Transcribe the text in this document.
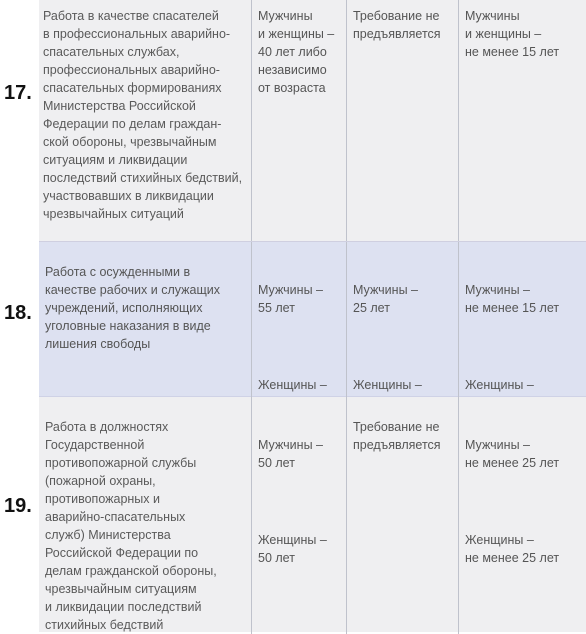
17.
Работа в качестве спасателей
в профессиональных аварийно-
спасательных службах,
профессиональных аварийно-
спасательных формированиях
Министерства Российской
Федерации по делам граждан-
ской обороны, чрезвычайным
ситуациям и ликвидации
последствий стихийных бедствий,
участвовавших в ликвидации
чрезвычайных ситуаций
Мужчины
и женщины –
40 лет либо
независимо
от возраста
Требование не
предъявляется
Мужчины
и женщины –
не менее 15 лет
18.
Работа с осужденными в
качестве рабочих и служащих
учреждений, исполняющих
уголовные наказания в виде
лишения свободы

Мужчины –
55 лет

Женщины –

Мужчины –
25 лет

Женщины –

Мужчины –
не менее 15 лет

Женщины –

19.
Работа в должностях
Государственной
противопожарной службы
(пожарной охраны,
противопожарных и
аварийно-спасательных
служб) Министерства
Российской Федерации по
делам гражданской обороны,
чрезвычайным ситуациям
и ликвидации последствий
стихийных бедствий

Мужчины –
50 лет

Женщины –
50 лет

Требование не
предъявляется	Мужчины –
не менее 25 лет

Женщины –
не менее 25 лет
